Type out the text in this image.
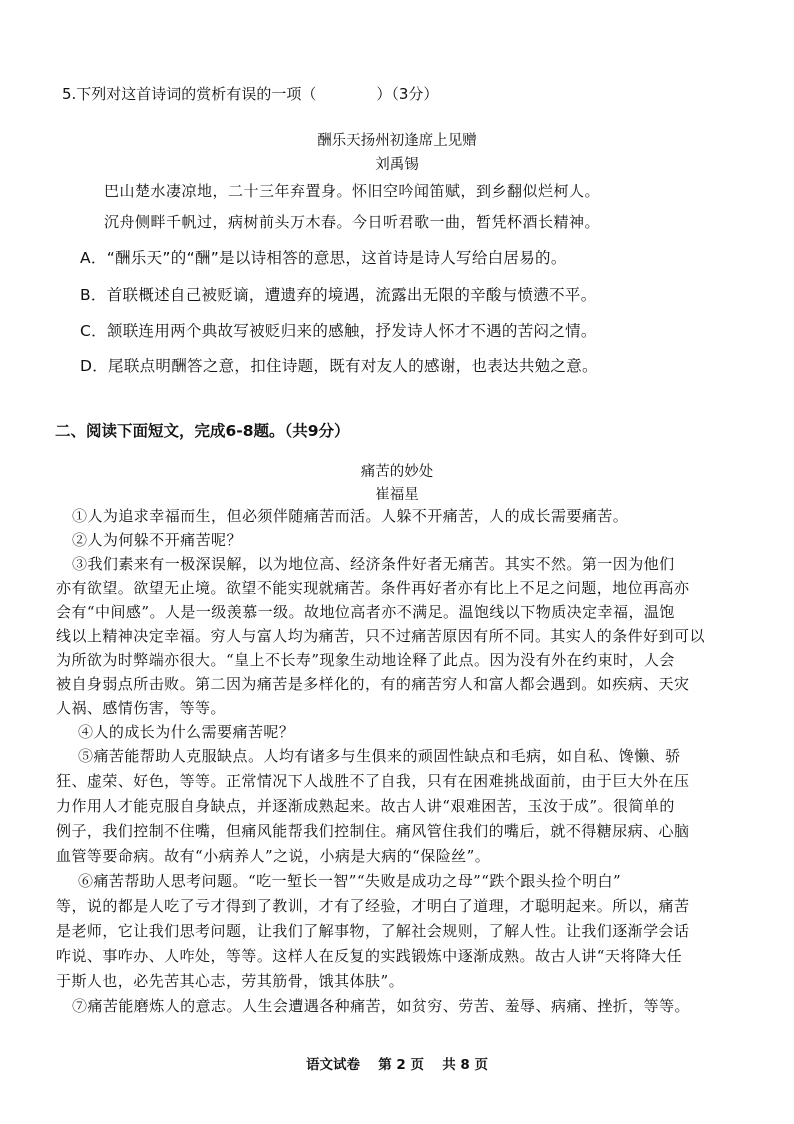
5.下列对这首诗词的赏析有误的一项（　　　　）（3分）
酬乐天扬州初逢席上见赠
刘禹锡
巴山楚水凄凉地，二十三年弃置身。怀旧空吟闻笛赋，到乡翻似烂柯人。
沉舟侧畔千帆过，病树前头万木春。今日听君歌一曲，暂凭杯酒长精神。
A．“酬乐天”的“酬”是以诗相答的意思，这首诗是诗人写给白居易的。
B．首联概述自己被贬谪，遭遗弃的境遇，流露出无限的辛酸与愤懑不平。
C．颔联连用两个典故写被贬归来的感触，抒发诗人怀才不遇的苦闷之情。
D．尾联点明酬答之意，扣住诗题，既有对友人的感谢，也表达共勉之意。
二、阅读下面短文，完成6-8题。（共9分）
痛苦的妙处
崔福星
①人为追求幸福而生，但必须伴随痛苦而活。人躲不开痛苦，人的成长需要痛苦。
②人为何躲不开痛苦呢？
③我们素来有一极深误解，以为地位高、经济条件好者无痛苦。其实不然。第一因为他们
亦有欲望。欲望无止境。欲望不能实现就痛苦。条件再好者亦有比上不足之问题，地位再高亦
会有“中间感”。人是一级羡慕一级。故地位高者亦不满足。温饱线以下物质决定幸福，温饱
线以上精神决定幸福。穷人与富人均为痛苦，只不过痛苦原因有所不同。其实人的条件好到可以
为所欲为时弊端亦很大。“皇上不长寿”现象生动地诠释了此点。因为没有外在约束时，人会
被自身弱点所击败。第二因为痛苦是多样化的，有的痛苦穷人和富人都会遇到。如疾病、天灾
人祸、感情伤害，等等。
④人的成长为什么需要痛苦呢？
⑤痛苦能帮助人克服缺点。人均有诸多与生俱来的顽固性缺点和毛病，如自私、馋懒、骄
狂、虚荣、好色，等等。正常情况下人战胜不了自我，只有在困难挑战面前，由于巨大外在压
力作用人才能克服自身缺点，并逐渐成熟起来。故古人讲“艰难困苦，玉汝于成”。很简单的
例子，我们控制不住嘴，但痛风能帮我们控制住。痛风管住我们的嘴后，就不得糖尿病、心脑
血管等要命病。故有“小病养人”之说，小病是大病的“保险丝”。
⑥痛苦帮助人思考问题。“吃一堑长一智”“失败是成功之母”“跌个跟头捡个明白”
等，说的都是人吃了亏才得到了教训，才有了经验，才明白了道理，才聪明起来。所以，痛苦
是老师，它让我们思考问题，让我们了解事物，了解社会规则，了解人性。让我们逐渐学会话
咋说、事咋办、人咋处，等等。这样人在反复的实践锻炼中逐渐成熟。故古人讲“天将降大任
于斯人也，必先苦其心志，劳其筋骨，饿其体肤”。
⑦痛苦能磨炼人的意志。人生会遭遇各种痛苦，如贫穷、劳苦、羞辱、病痛、挫折，等等。
语文试卷　 第 2 页　 共 8 页
